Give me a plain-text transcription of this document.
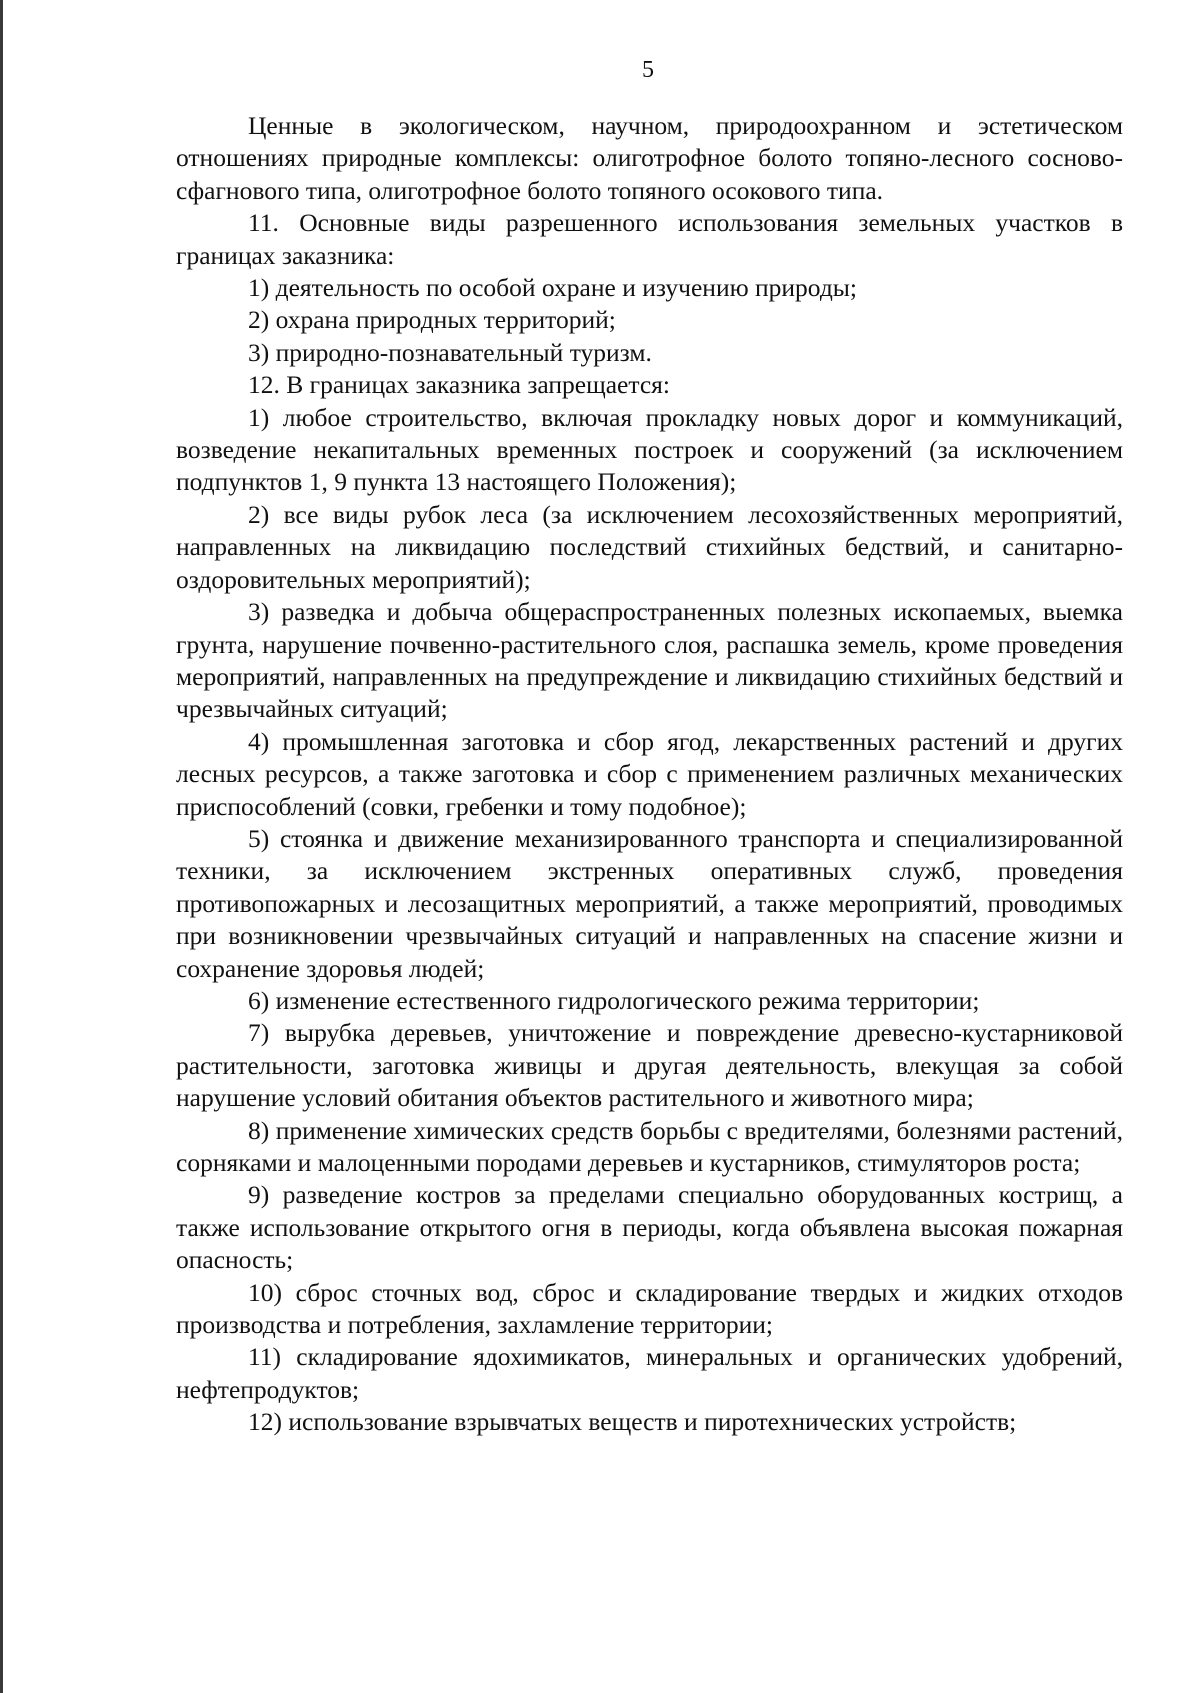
5

Ценные в экологическом, научном, природоохранном и эстетическом отношениях природные комплексы: олиготрофное болото топяно-лесного сосново-сфагнового типа, олиготрофное болото топяного осокового типа.

11. Основные виды разрешенного использования земельных участков в границах заказника:

1) деятельность по особой охране и изучению природы;

2) охрана природных территорий;

3) природно-познавательный туризм.

12. В границах заказника запрещается:

1) любое строительство, включая прокладку новых дорог и коммуникаций, возведение некапитальных временных построек и сооружений (за исключением подпунктов 1, 9 пункта 13 настоящего Положения);

2) все виды рубок леса (за исключением лесохозяйственных мероприятий, направленных на ликвидацию последствий стихийных бедствий, и санитарно-оздоровительных мероприятий);

3) разведка и добыча общераспространенных полезных ископаемых, выемка грунта, нарушение почвенно-растительного слоя, распашка земель, кроме проведения мероприятий, направленных на предупреждение и ликвидацию стихийных бедствий и чрезвычайных ситуаций;

4) промышленная заготовка и сбор ягод, лекарственных растений и других лесных ресурсов, а также заготовка и сбор с применением различных механических приспособлений (совки, гребенки и тому подобное);

5) стоянка и движение механизированного транспорта и специализированной техники, за исключением экстренных оперативных служб, проведения противопожарных и лесозащитных мероприятий, а также мероприятий, проводимых при возникновении чрезвычайных ситуаций и направленных на спасение жизни и сохранение здоровья людей;

6) изменение естественного гидрологического режима территории;

7) вырубка деревьев, уничтожение и повреждение древесно-кустарниковой растительности, заготовка живицы и другая деятельность, влекущая за собой нарушение условий обитания объектов растительного и животного мира;

8) применение химических средств борьбы с вредителями, болезнями растений, сорняками и малоценными породами деревьев и кустарников, стимуляторов роста;

9) разведение костров за пределами специально оборудованных кострищ, а также использование открытого огня в периоды, когда объявлена высокая пожарная опасность;

10) сброс сточных вод, сброс и складирование твердых и жидких отходов производства и потребления, захламление территории;

11) складирование ядохимикатов, минеральных и органических удобрений, нефтепродуктов;

12) использование взрывчатых веществ и пиротехнических устройств;
